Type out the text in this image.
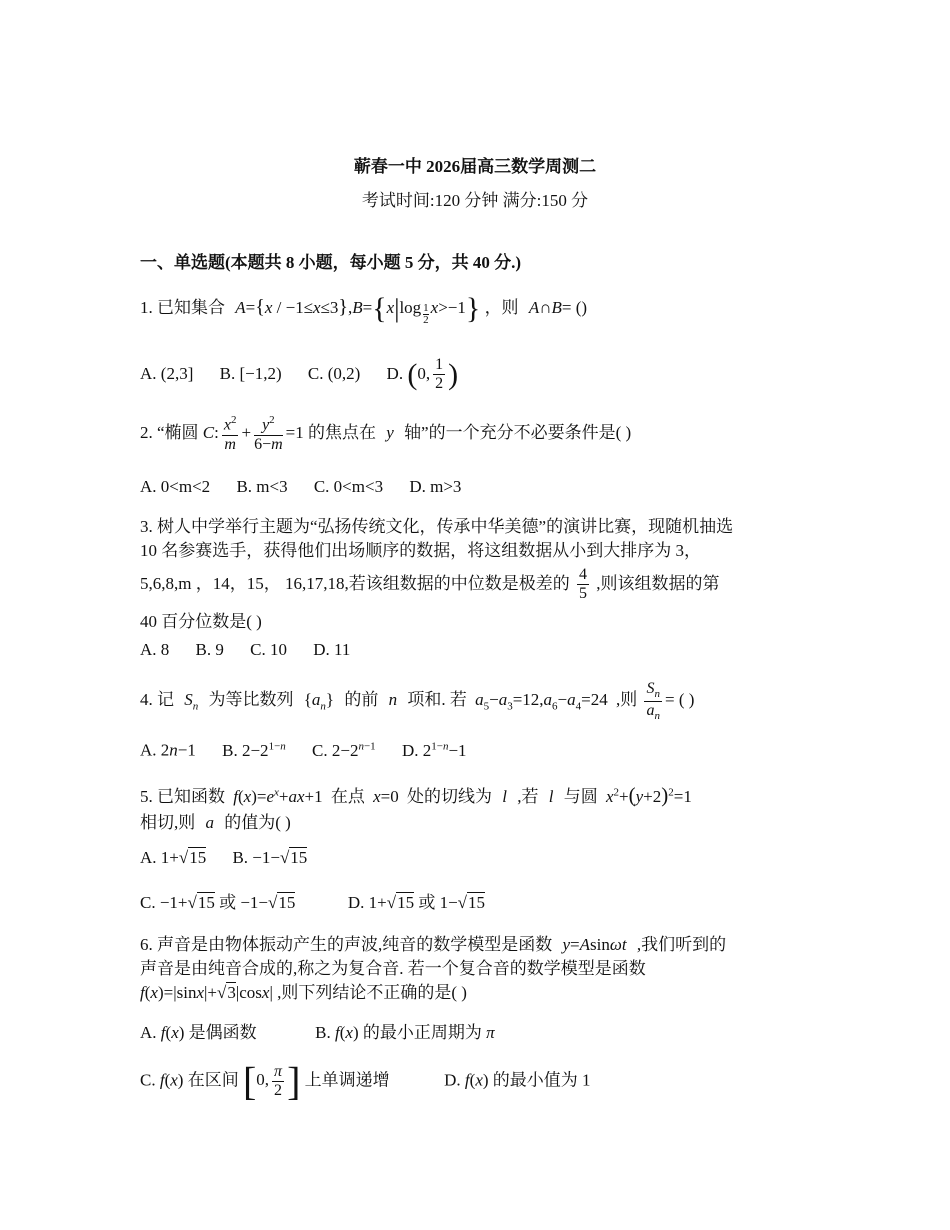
蕲春一中 2026届高三数学周测二
考试时间:120 分钟 满分:150 分
一、单选题(本题共 8 小题，每小题 5 分，共 40 分.)
1. 已知集合 $A=\{x / -1\le x\le 3\},B=\{x|\log \frac{1}{2} x>-1\}$ ，则 A∩B= ()
A. (2,3] B. [−1,2) C. (0,2) D. (0, $\frac{1}{2}$ )
2. “椭圆 C: $\frac{x^2}{m} + \frac{y^2}{6-m} =1$ 的焦点在 y 轴”的一个充分不必要条件是( )
A. 0<m<2 B. m<3 C. 0<m<3 D. m>3
3. 树人中学举行主题为“弘扬传统文化，传承中华美德”的演讲比赛，现随机抽选
10 名参赛选手，获得他们出场顺序的数据，将这组数据从小到大排序为 3，
5,6,8,m ，14，15， 16,17,18,若该组数据的中位数是极差的 $\frac{4}{5}$ ,则该组数据的第
40 百分位数是( )
A. 8 B. 9 C. 10 D. 11
4. 记 $S_n$ 为等比数列 $\{a_n\}$ 的前 n 项和. 若 $a_5-a_3=12,a_6-a_4=24$ ,则 $\frac{S_n}{a_n}$ = ( )
A. 2n−1 B. $2-2^{1-n}$ C. $2-2^{n-1}$ D. $2^{1-n}-1$
5. 已知函数 $f(x)=e^x+ax+1$ 在点 x=0 处的切线为 l ,若 l 与圆 $x^2+(y+2)^2=1$
相切,则 a 的值为( )
A. 1+√15 B. −1−√15
C. −1+√15 或 −1−√15	D. 1+√15 或 1−√15
6. 声音是由物体振动产生的声波,纯音的数学模型是函数 y=Asinωt ,我们听到的
声音是由纯音合成的,称之为复合音. 若一个复合音的数学模型是函数
f(x)=|sinx|+√3|cosx| ,则下列结论不正确的是( )
A. f(x) 是偶函数	B. f(x) 的最小正周期为 π
C. f(x) 在区间 [0, $\frac{\pi}{2}$ ] 上单调递增	D. f(x) 的最小值为 1
